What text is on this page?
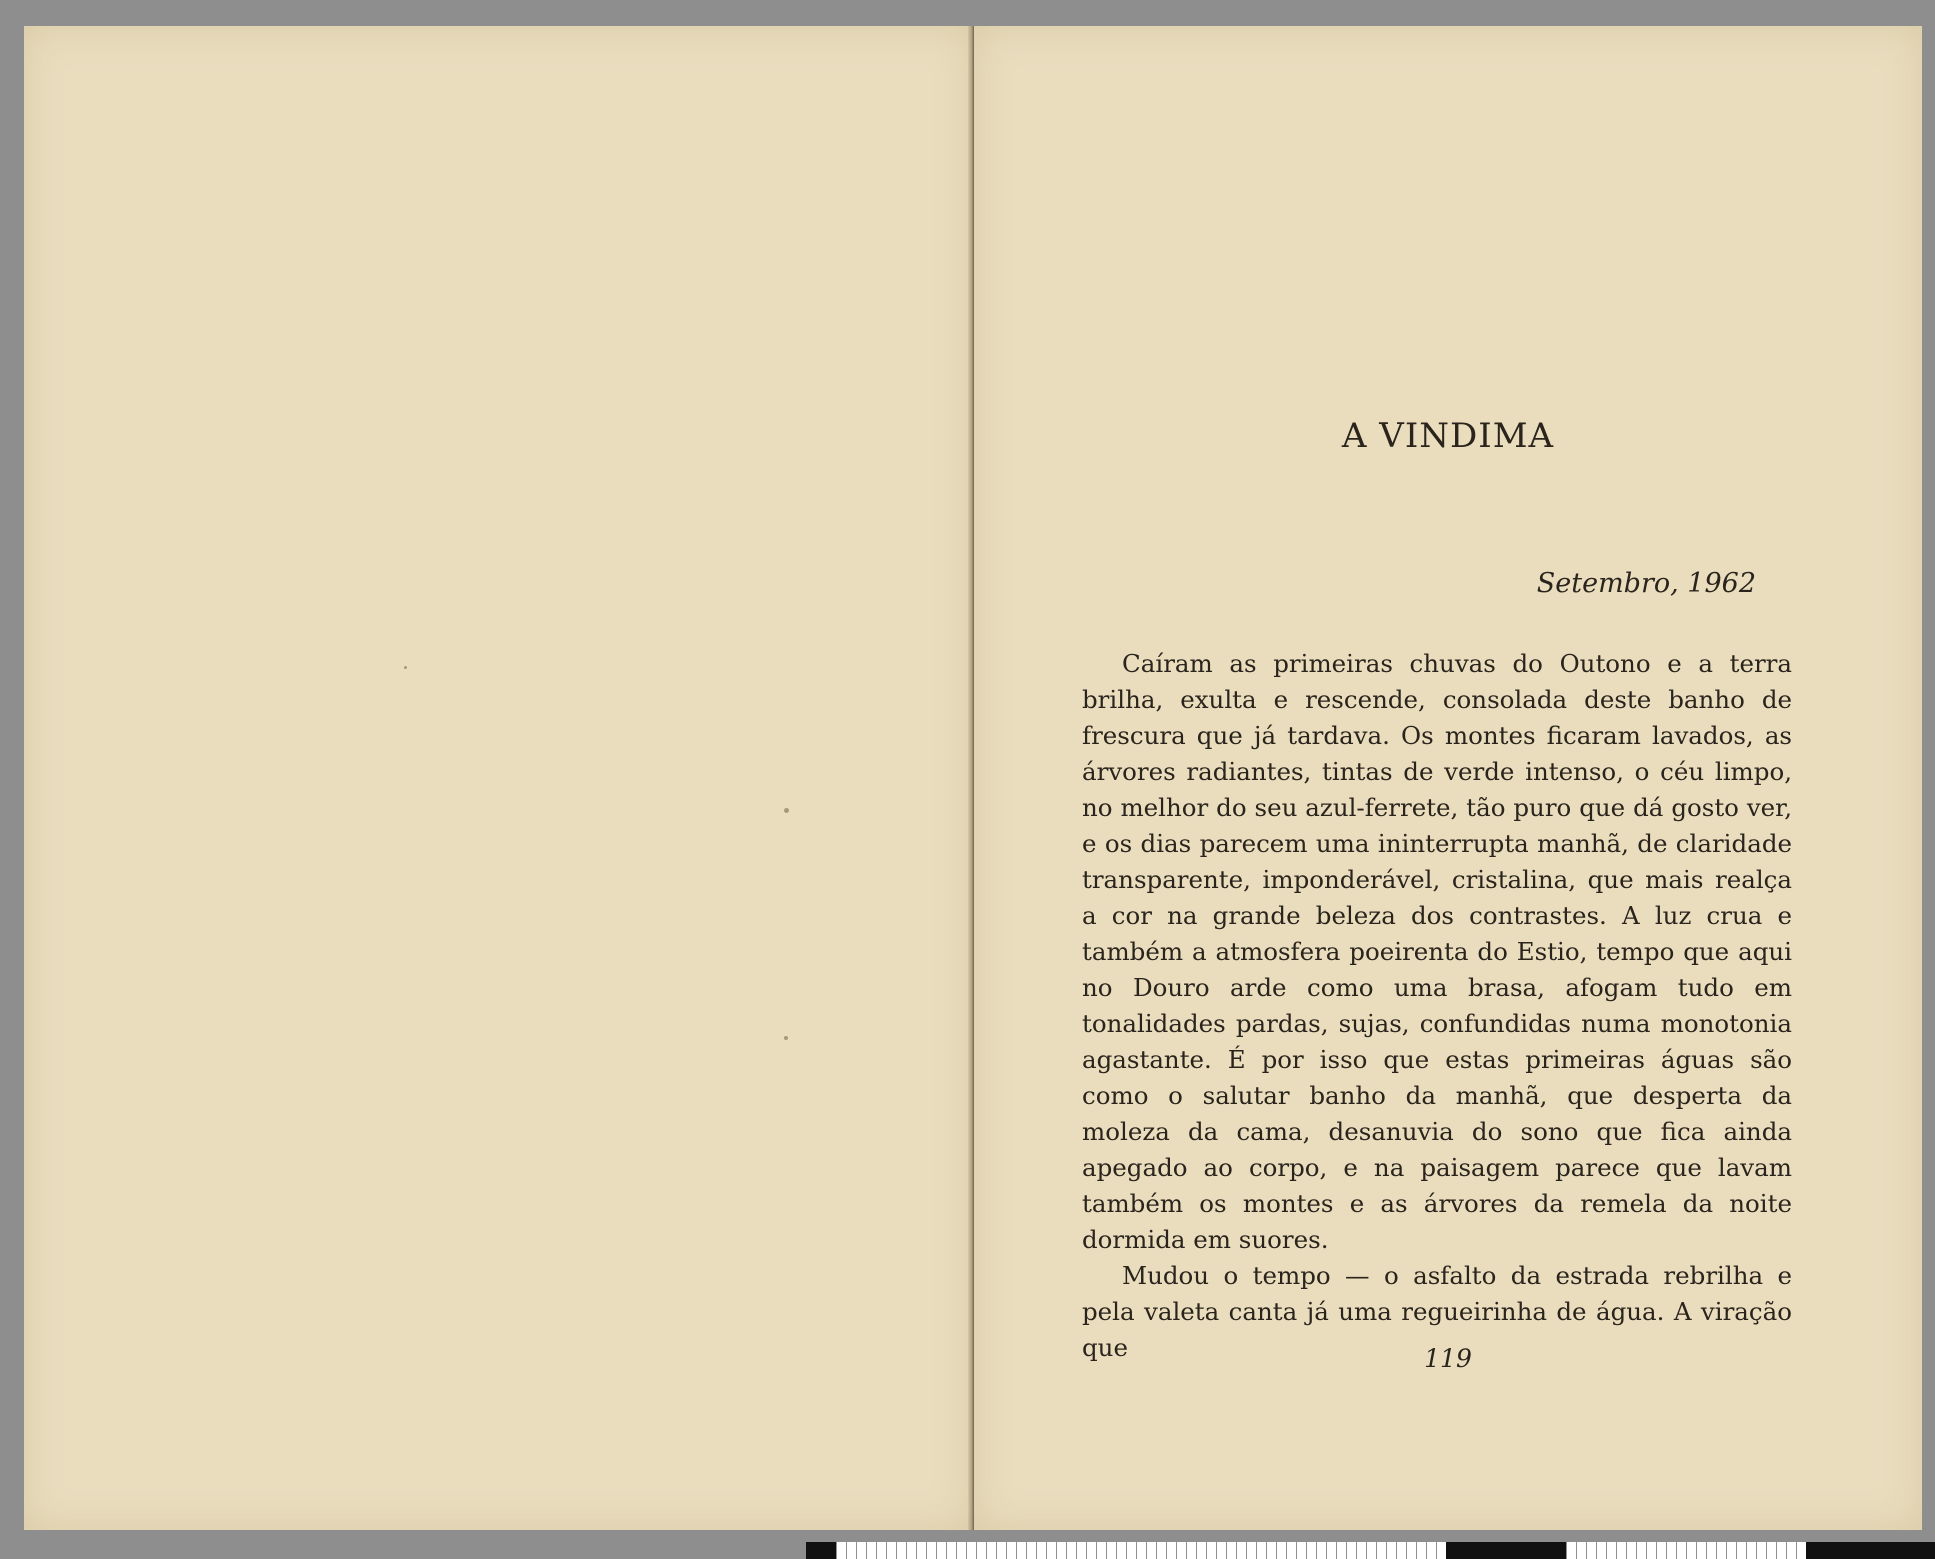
A VINDIMA
Setembro, 1962

Caíram as primeiras chuvas do Outono e a terra brilha, exulta e rescende, consolada deste banho de frescura que já tardava. Os montes ficaram lavados, as árvores radiantes, tintas de verde intenso, o céu limpo, no melhor do seu azul-ferrete, tão puro que dá gosto ver, e os dias parecem uma ininterrupta manhã, de claridade transparente, imponderável, cristalina, que mais realça a cor na grande beleza dos contrastes. A luz crua e também a atmosfera poeirenta do Estio, tempo que aqui no Douro arde como uma brasa, afogam tudo em tonalidades pardas, sujas, confundidas numa monotonia agastante. É por isso que estas primeiras águas são como o salutar banho da manhã, que desperta da moleza da cama, desanuvia do sono que fica ainda apegado ao corpo, e na paisagem parece que lavam também os montes e as árvores da remela da noite dormida em suores.

Mudou o tempo — o asfalto da estrada rebrilha e pela valeta canta já uma regueirinha de água. A viração que	119
